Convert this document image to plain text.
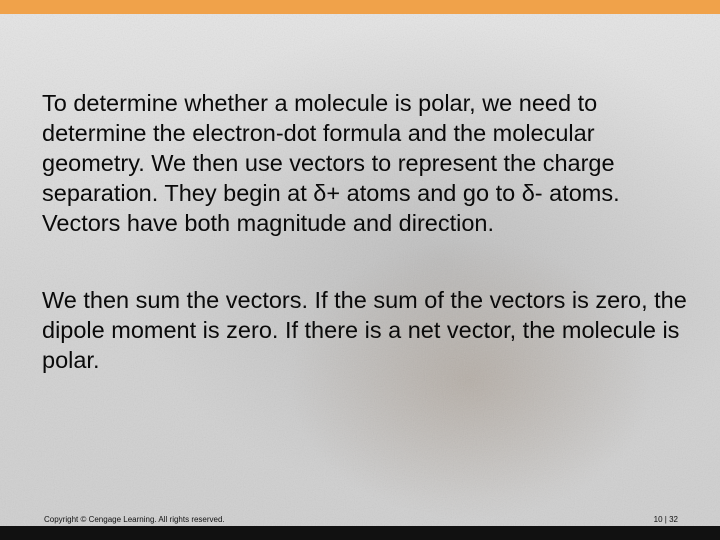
To determine whether a molecule is polar, we need to determine the electron-dot formula and the molecular geometry. We then use vectors to represent the charge separation. They begin at δ+ atoms and go to δ- atoms. Vectors have both magnitude and direction.

We then sum the vectors. If the sum of the vectors is zero, the dipole moment is zero. If there is a net vector, the molecule is polar.

Copyright © Cengage Learning. All rights reserved.	10 | 32
